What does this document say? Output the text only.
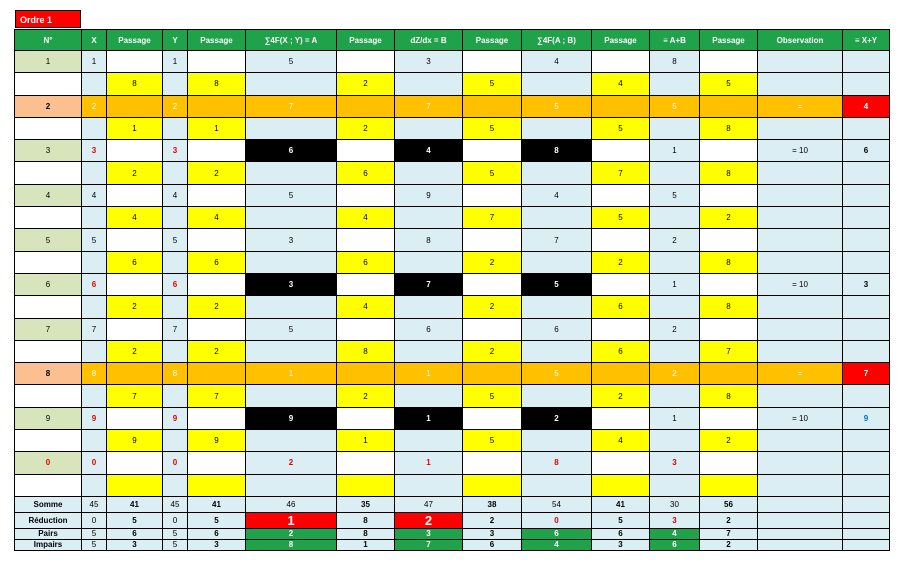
Ordre 1
N°	X	Passage	Y	Passage	∑4F(X ; Y) = A	Passage	dZ/dx = B	Passage	∑4F(A ; B)	Passage	≡ A+B	Passage	Observation	≡ X+Y
1	1		1		5		3		4		8			
		8		8		2		5		4		5		
2	2		2		7		7		5		5		=	4
		1		1		2		5		5		8		
3	3		3		6		4		8		1		= 10	6
		2		2		6		5		7		8		
4	4		4		5		9		4		5			
		4		4		4		7		5		2		
5	5		5		3		8		7		2			
		6		6		6		2		2		8		
6	6		6		3		7		5		1		= 10	3
		2		2		4		2		6		8		
7	7		7		5		6		6		2			
		2		2		8		2		6		7		
8	8		8		1		1		5		2		=	7
		7		7		2		5		2		8		
9	9		9		9		1		2		1		= 10	9
		9		9		1		5		4		2		
0	0		0		2		1		8		3			

Somme	45	41	45	41	46	35	47	38	54	41	30	56		
Réduction	0	5	0	5	1	8	2	2	0	5	3	2		
Pairs	5	6	5	6	2	8	3	3	6	6	4	7		
Impairs	5	3	5	3	8	1	7	6	4	3	6	2		
